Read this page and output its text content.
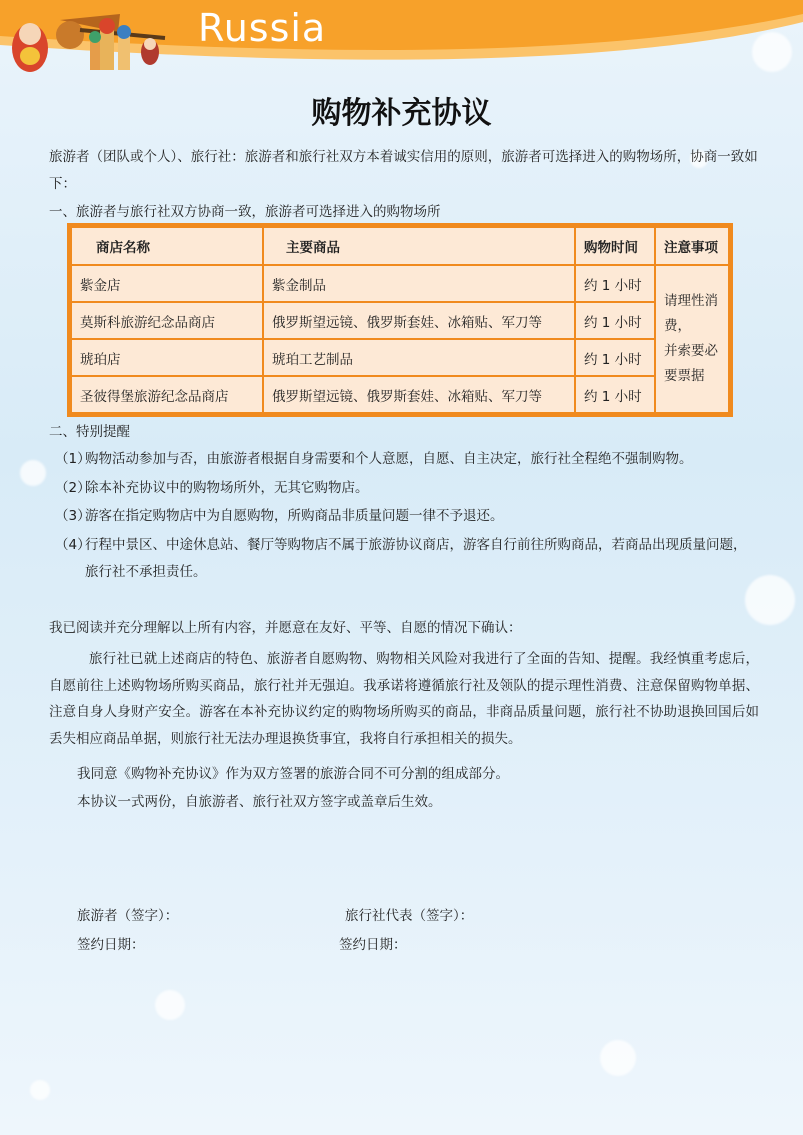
Russia
购物补充协议
旅游者（团队或个人）、旅行社：旅游者和旅行社双方本着诚实信用的原则，旅游者可选择进入的购物场所，协商一致如下：
一、旅游者与旅行社双方协商一致，旅游者可选择进入的购物场所
商店名称	主要商品	购物时间	注意事项
紫金店	紫金制品	约 1 小时	请理性消费，
并索要必要票据

莫斯科旅游纪念品商店	俄罗斯望远镜、俄罗斯套娃、冰箱贴、军刀等	约 1 小时	
琥珀店	琥珀工艺制品	约 1 小时	
圣彼得堡旅游纪念品商店	俄罗斯望远镜、俄罗斯套娃、冰箱贴、军刀等	约 1 小时	
二、特别提醒
（1）
购物活动参加与否，由旅游者根据自身需要和个人意愿，自愿、自主决定，旅行社全程绝不强制购物。
（2）
除本补充协议中的购物场所外，无其它购物店。
（3）
游客在指定购物店中为自愿购物，所购商品非质量问题一律不予退还。
（4）
行程中景区、中途休息站、餐厅等购物店不属于旅游协议商店，游客自行前往所购商品，若商品出现质量问题，旅行社不承担责任。
我已阅读并充分理解以上所有内容，并愿意在友好、平等、自愿的情况下确认：
旅行社已就上述商店的特色、旅游者自愿购物、购物相关风险对我进行了全面的告知、提醒。我经慎重考虑后，自愿前往上述购物场所购买商品，旅行社并无强迫。我承诺将遵循旅行社及领队的提示理性消费、注意保留购物单据、注意自身人身财产安全。游客在本补充协议约定的购物场所购买的商品，非商品质量问题，旅行社不协助退换回国后如丢失相应商品单据，则旅行社无法办理退换货事宜，我将自行承担相关的损失。
我同意《购物补充协议》作为双方签署的旅游合同不可分割的组成部分。
本协议一式两份，自旅游者、旅行社双方签字或盖章后生效。
旅游者（签字）：	旅行社代表（签字）：
签约日期：	签约日期：
